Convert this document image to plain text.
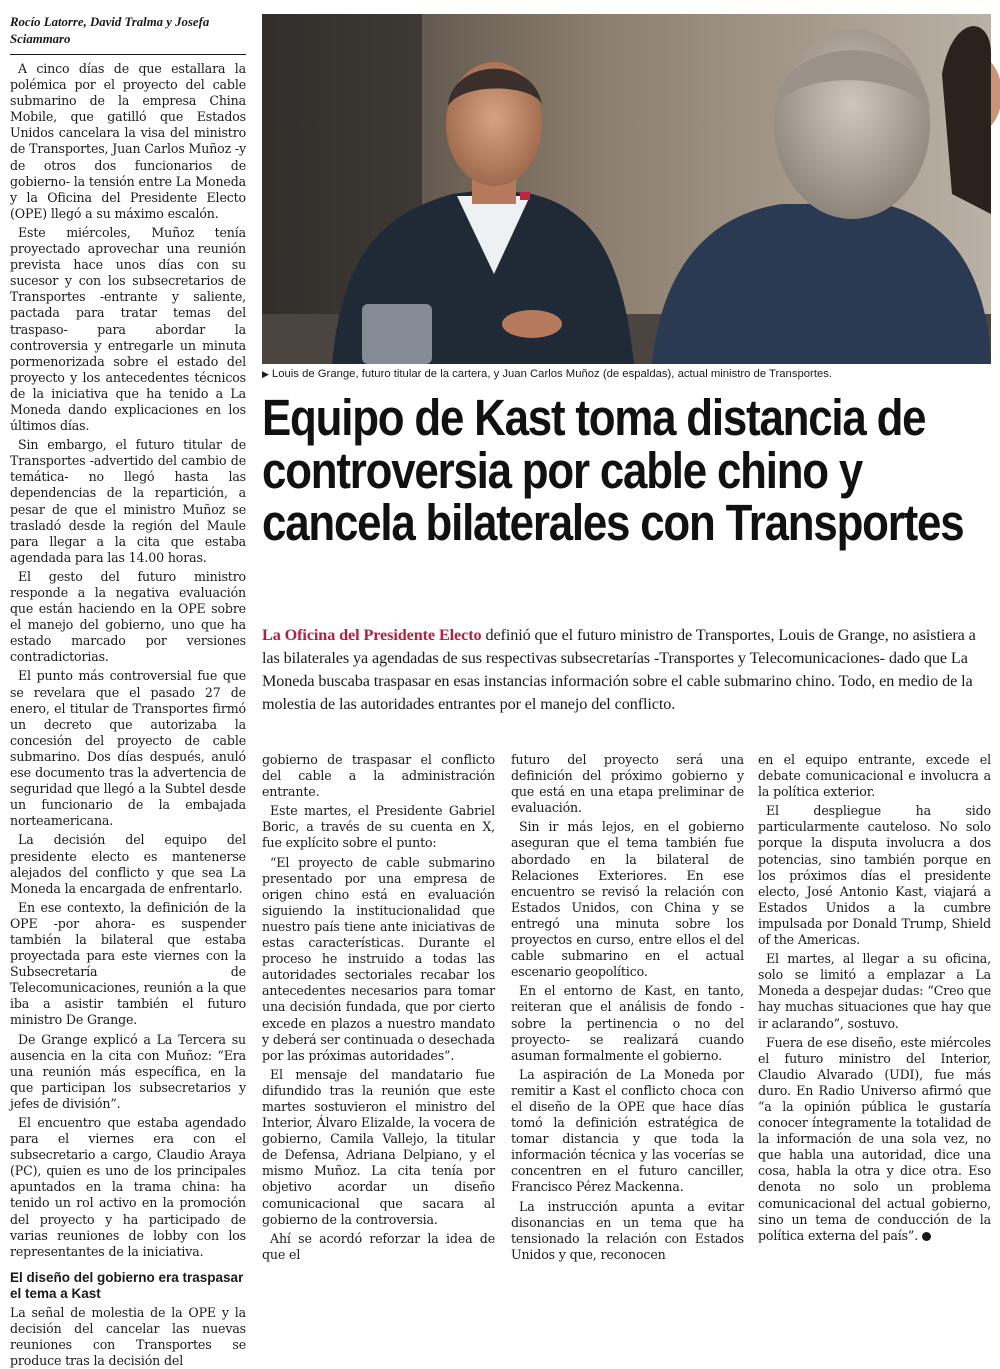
Rocío Latorre, David Tralma y Josefa Sciammaro

A cinco días de que estallara la polémica por el proyecto del cable submarino de la empresa China Mobile, que gatilló que Estados Unidos cancelara la visa del ministro de Transportes, Juan Carlos Muñoz -y de otros dos funcionarios de gobierno- la tensión entre La Moneda y la Oficina del Presidente Electo (OPE) llegó a su máximo escalón.

Este miércoles, Muñoz tenía proyectado aprovechar una reunión prevista hace unos días con su sucesor y con los subsecretarios de Transportes -entrante y saliente, pactada para tratar temas del traspaso- para abordar la controversia y entregarle un minuta pormenorizada sobre el estado del proyecto y los antecedentes técnicos de la iniciativa que ha tenido a La Moneda dando explicaciones en los últimos días.

Sin embargo, el futuro titular de Transportes -advertido del cambio de temática- no llegó hasta las dependencias de la repartición, a pesar de que el ministro Muñoz se trasladó desde la región del Maule para llegar a la cita que estaba agendada para las 14.00 horas.

El gesto del futuro ministro responde a la negativa evaluación que están haciendo en la OPE sobre el manejo del gobierno, uno que ha estado marcado por versiones contradictorias.

El punto más controversial fue que se revelara que el pasado 27 de enero, el titular de Transportes firmó un decreto que autorizaba la concesión del proyecto de cable submarino. Dos días después, anuló ese documento tras la advertencia de seguridad que llegó a la Subtel desde un funcionario de la embajada norteamericana.

La decisión del equipo del presidente electo es mantenerse alejados del conflicto y que sea La Moneda la encargada de enfrentarlo.

En ese contexto, la definición de la OPE -por ahora- es suspender también la bilateral que estaba proyectada para este viernes con la Subsecretaría de Telecomunicaciones, reunión a la que iba a asistir también el futuro ministro De Grange.

De Grange explicó a La Tercera su ausencia en la cita con Muñoz: “Era una reunión más específica, en la que participan los subsecretarios y jefes de división”.

El encuentro que estaba agendado para el viernes era con el subsecretario a cargo, Claudio Araya (PC), quien es uno de los principales apuntados en la trama china: ha tenido un rol activo en la promoción del proyecto y ha participado de varias reuniones de lobby con los representantes de la iniciativa.

El diseño del gobierno era traspasar el tema a Kast

La señal de molestia de la OPE y la decisión del cancelar las nuevas reuniones con Transportes se produce tras la decisión del

▶ Louis de Grange, futuro titular de la cartera, y Juan Carlos Muñoz (de espaldas), actual ministro de Transportes.
Equipo de Kast toma distancia de controversia por cable chino y cancela bilaterales con Transportes
La Oficina del Presidente Electo definió que el futuro ministro de Transportes, Louis de Grange, no asistiera a las bilaterales ya agendadas de sus respectivas subsecretarías -Transportes y Telecomunicaciones- dado que La Moneda buscaba traspasar en esas instancias información sobre el cable submarino chino. Todo, en medio de la molestia de las autoridades entrantes por el manejo del conflicto.

gobierno de traspasar el conflicto del cable a la administración entrante.

Este martes, el Presidente Gabriel Boric, a través de su cuenta en X, fue explícito sobre el punto:

“El proyecto de cable submarino presentado por una empresa de origen chino está en evaluación siguiendo la institucionalidad que nuestro país tiene ante iniciativas de estas características. Durante el proceso he instruido a todas las autoridades sectoriales recabar los antecedentes necesarios para tomar una decisión fundada, que por cierto excede en plazos a nuestro mandato y deberá ser continuada o desechada por las próximas autoridades”.

El mensaje del mandatario fue difundido tras la reunión que este martes sostuvieron el ministro del Interior, Álvaro Elizalde, la vocera de gobierno, Camila Vallejo, la titular de Defensa, Adriana Delpiano, y el mismo Muñoz. La cita tenía por objetivo acordar un diseño comunicacional que sacara al gobierno de la controversia.

Ahí se acordó reforzar la idea de que el

futuro del proyecto será una definición del próximo gobierno y que está en una etapa preliminar de evaluación.

Sin ir más lejos, en el gobierno aseguran que el tema también fue abordado en la bilateral de Relaciones Exteriores. En ese encuentro se revisó la relación con Estados Unidos, con China y se entregó una minuta sobre los proyectos en curso, entre ellos el del cable submarino en el actual escenario geopolítico.

En el entorno de Kast, en tanto, reiteran que el análisis de fondo -sobre la pertinencia o no del proyecto- se realizará cuando asuman formalmente el gobierno.

La aspiración de La Moneda por remitir a Kast el conflicto choca con el diseño de la OPE que hace días tomó la definición estratégica de tomar distancia y que toda la información técnica y las vocerías se concentren en el futuro canciller, Francisco Pérez Mackenna.

La instrucción apunta a evitar disonancias en un tema que ha tensionado la relación con Estados Unidos y que, reconocen

en el equipo entrante, excede el debate comunicacional e involucra a la política exterior.

El despliegue ha sido particularmente cauteloso. No solo porque la disputa involucra a dos potencias, sino también porque en los próximos días el presidente electo, José Antonio Kast, viajará a Estados Unidos a la cumbre impulsada por Donald Trump, Shield of the Americas.

El martes, al llegar a su oficina, solo se limitó a emplazar a La Moneda a despejar dudas: “Creo que hay muchas situaciones que hay que ir aclarando”, sostuvo.

Fuera de ese diseño, este miércoles el futuro ministro del Interior, Claudio Alvarado (UDI), fue más duro. En Radio Universo afirmó que “a la opinión pública le gustaría conocer íntegramente la totalidad de la información de una sola vez, no que habla una autoridad, dice una cosa, habla la otra y dice otra. Eso denota no solo un problema comunicacional del actual gobierno, sino un tema de conducción de la política externa del país”.
